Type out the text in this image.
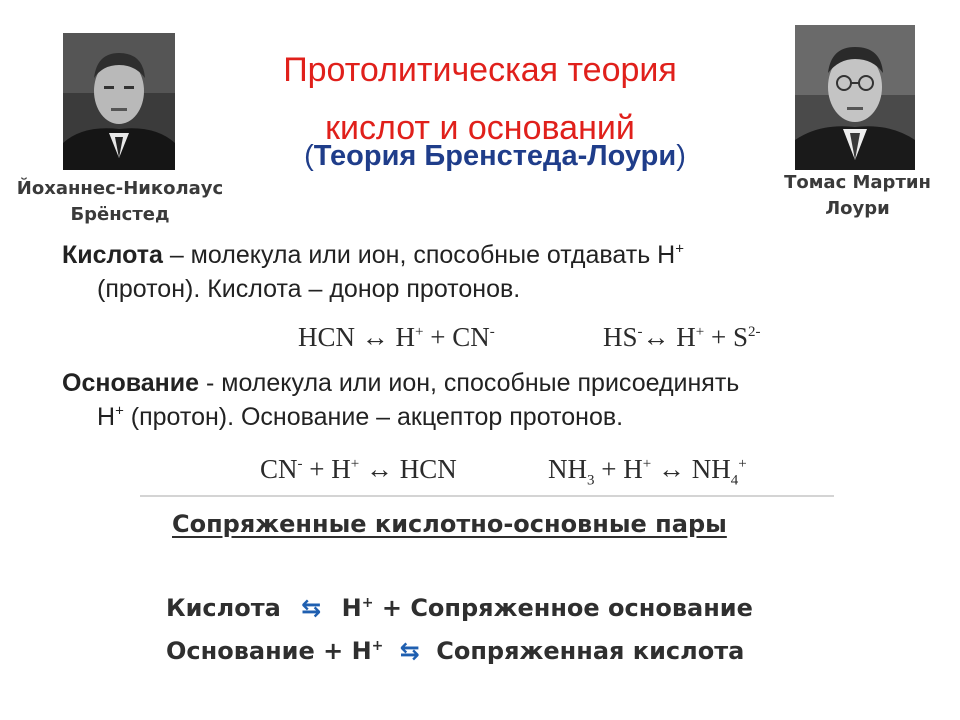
Йоханнес-Николаус
Брёнстед
Томас Мартин
Лоури
Протолитическая теория
кислот и оснований
(Теория Бренстеда-Лоури)
Кислота – молекула или ион, способные отдавать Н+
(протон). Кислота – донор протонов.
HCN ↔ H+ + CN-	HS-↔ $H^+ + S^{2-}$
Основание - молекула или ион, способные присоединять
Н+ (протон). Основание – акцептор протонов.
CN- + H+ ↔ HCN	$NH_3 + H^+$ ↔ $NH_4^+$
Сопряженные кислотно-основные пары
Кислота ⇆ Н+ + Сопряженное основание
Основание + Н+ ⇆ Сопряженная кислота
